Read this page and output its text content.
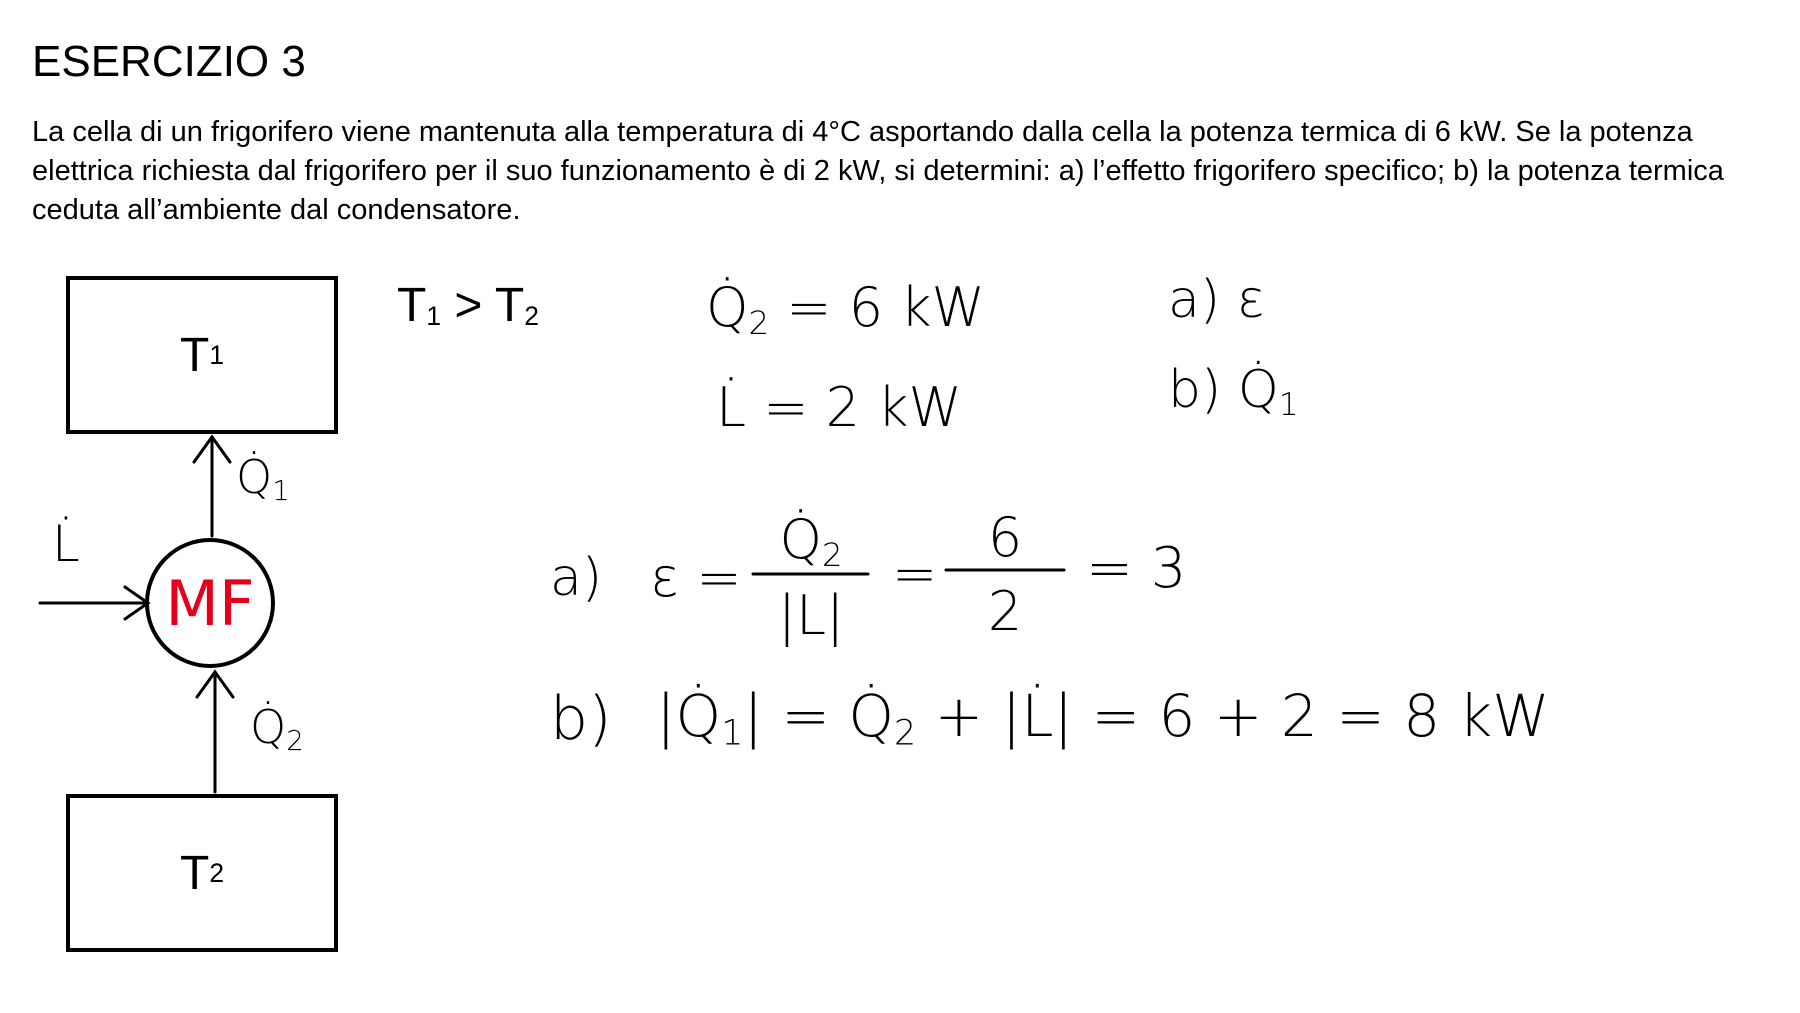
ESERCIZIO 3
La cella di un frigorifero viene mantenuta alla temperatura di 4°C asportando dalla cella la potenza termica di 6 kW. Se la potenza elettrica richiesta dal frigorifero per il suo funzionamento è di 2 kW, si determini: a) l’effetto frigorifero specifico; b) la potenza termica ceduta all’ambiente dal condensatore.
MF
T 1
T 2
· Q1
· Q2
· L
$T_1 > T_2$	· Q2 = 6 kW
· L = 2 kW
a) ε
b) · Q1
a) ε =
· Q2
|L|
=
6
2
= 3
b) |· Q1| = · Q2 + |· L| = 6 + 2 = 8 kW
